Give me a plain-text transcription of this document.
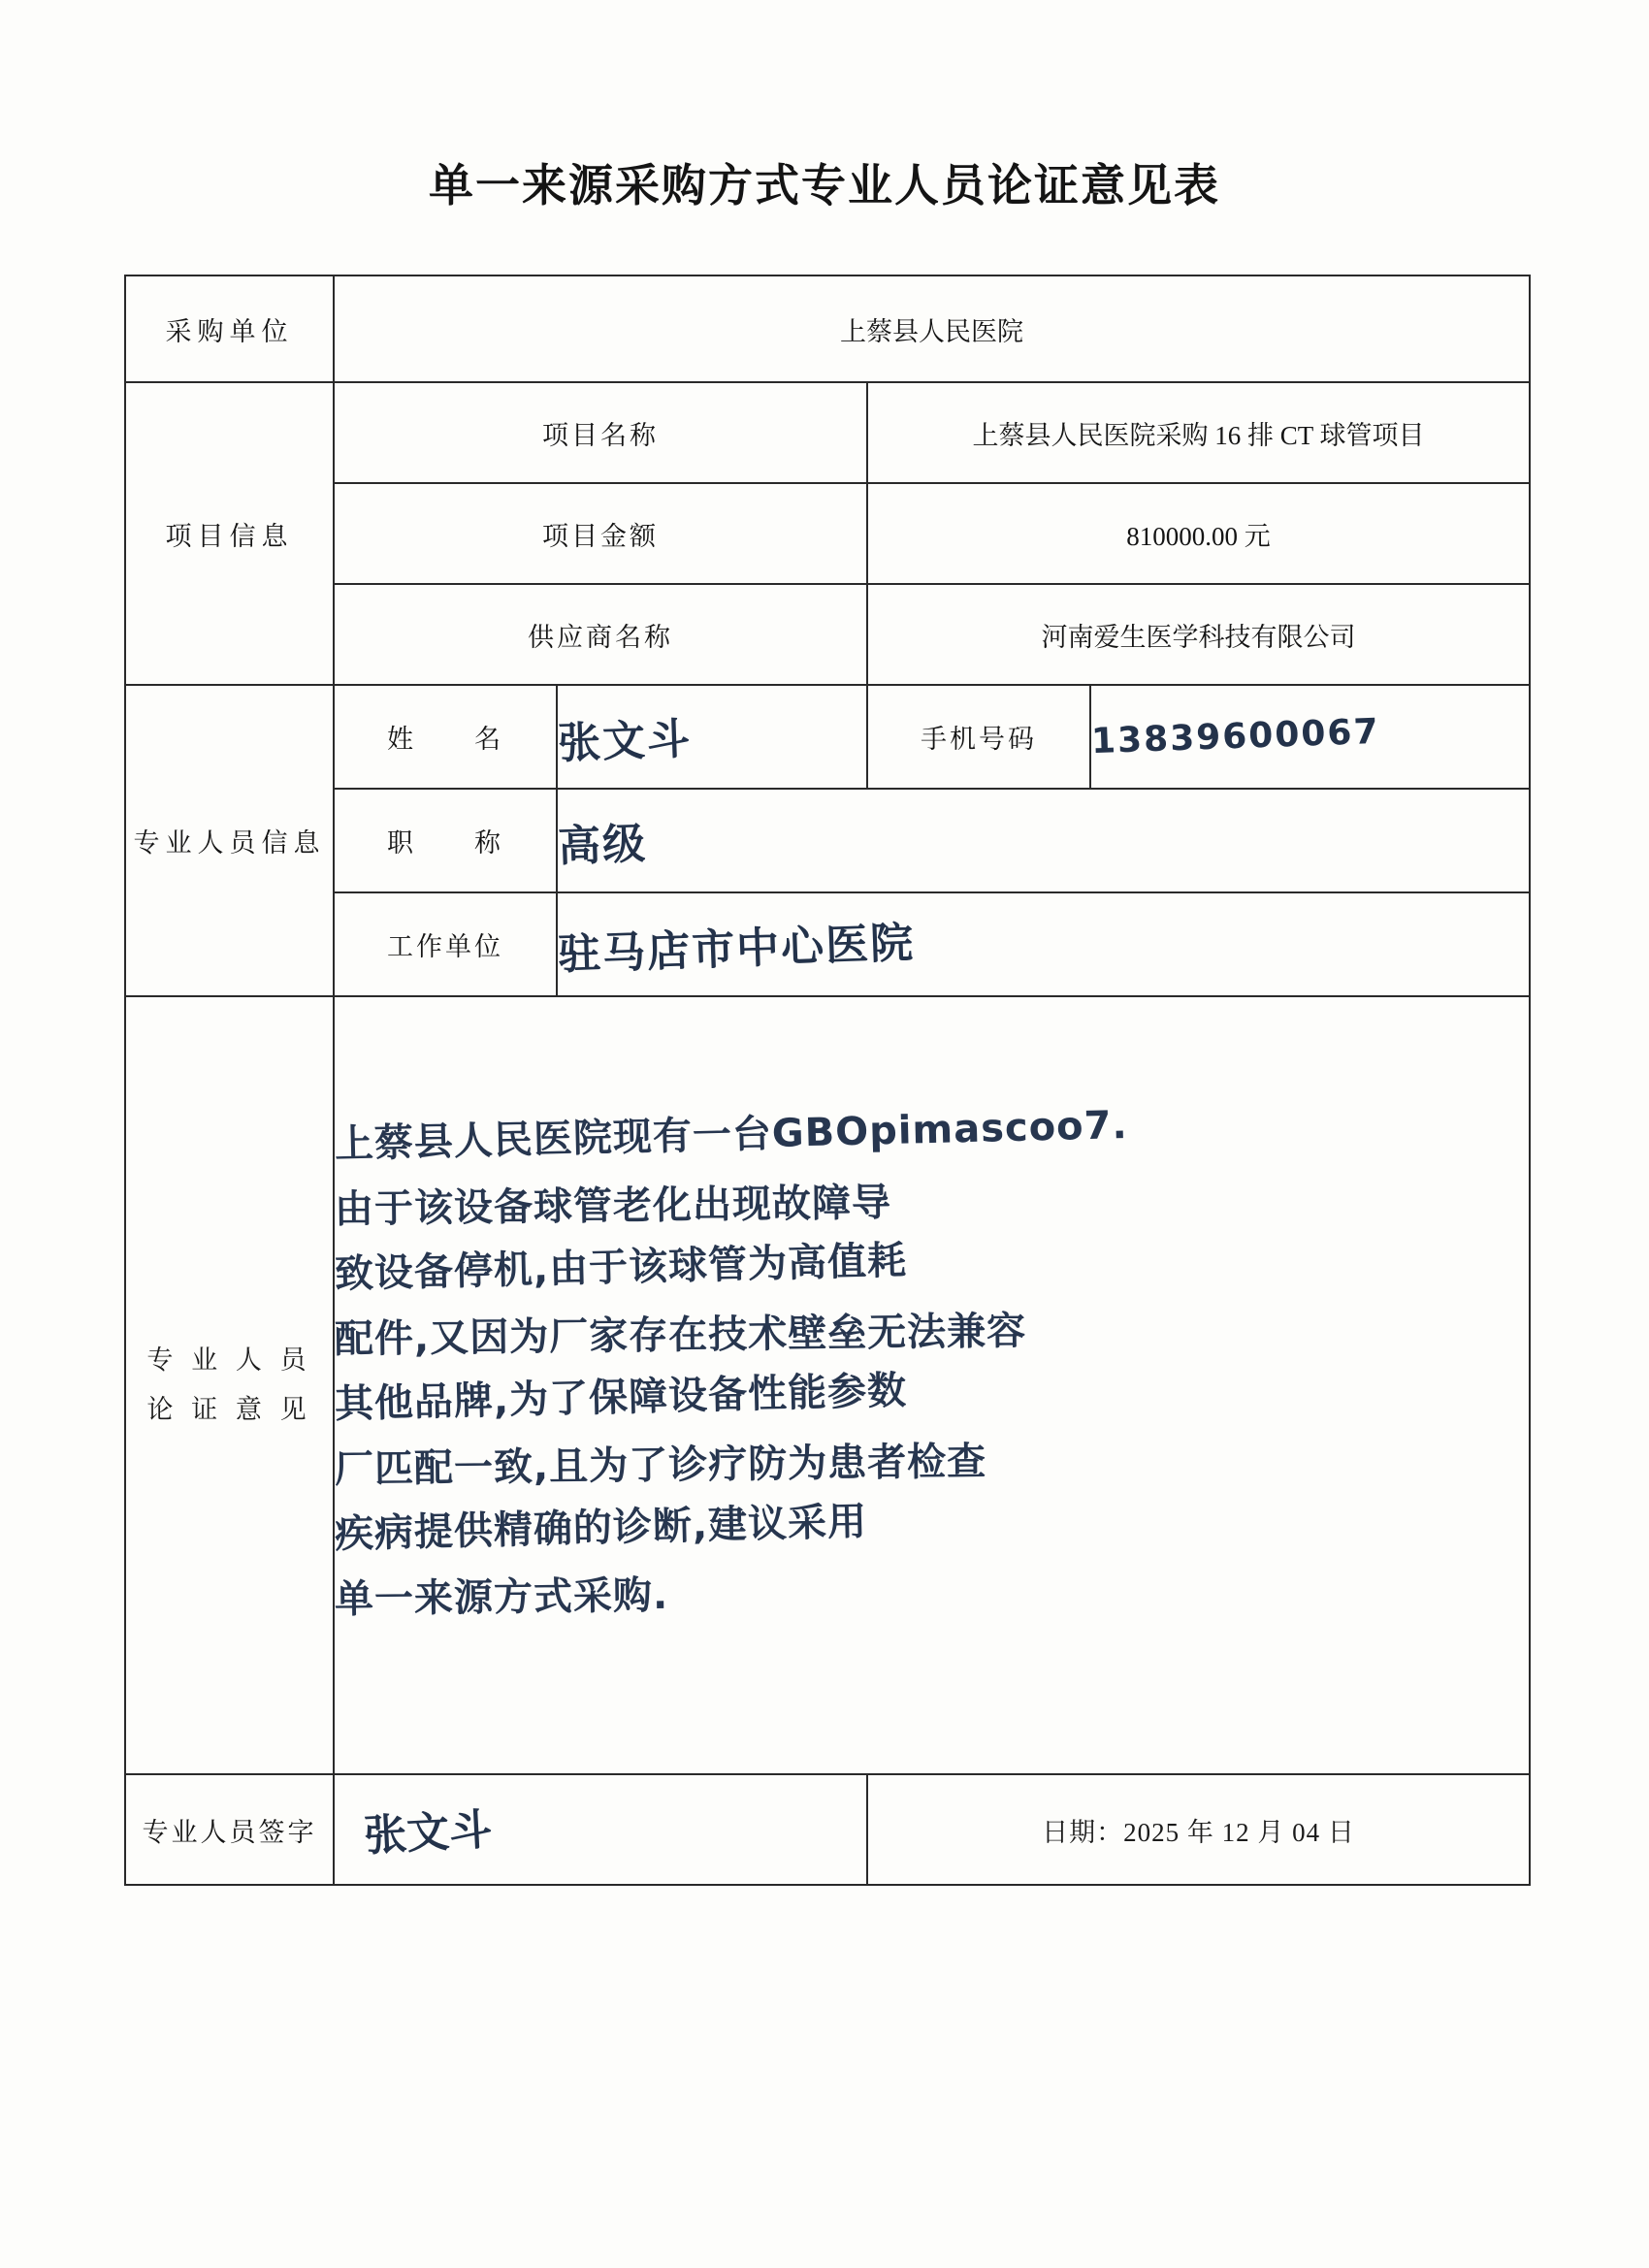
单一来源采购方式专业人员论证意见表
采购单位	上蔡县人民医院			
项目信息	项目名称		上蔡县人民医院采购 16 排 CT 球管项目	
	项目金额		810000.00 元	
	供应商名称		河南爱生医学科技有限公司	
专业人员信息	姓　　名	张文斗	手机号码	13839600067
	职　　称	高级		
	工作单位	驻马店市中心医院		

专 业 人 员
论 证 意 见

上蔡县人民医院现有一台GBOpimascoo7.

由于该设备球管老化出现故障导

致设备停机,由于该球管为高值耗

配件,又因为厂家存在技术壁垒无法兼容

其他品牌,为了保障设备性能参数

厂匹配一致,且为了诊疗防为患者检查

疾病提供精确的诊断,建议采用

单一来源方式采购.

专业人员签字	张文斗		日期：2025 年 12 月 04 日	
